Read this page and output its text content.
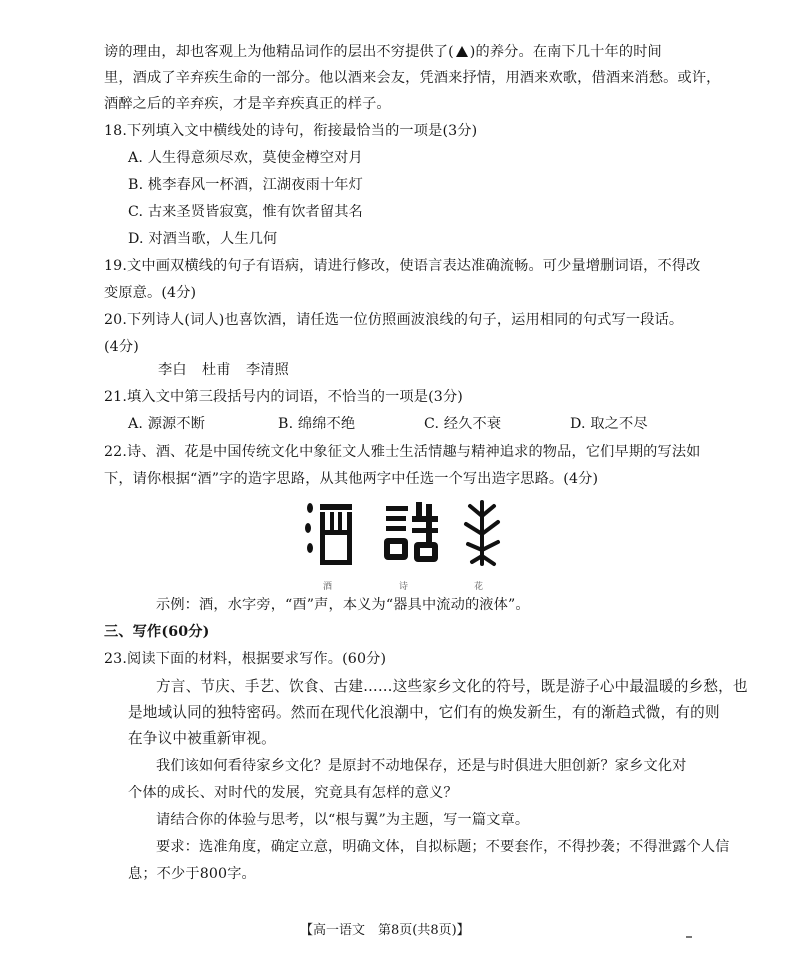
谤的理由，却也客观上为他精品词作的层出不穷提供了( )的养分。在南下几十年的时间
里，酒成了辛弃疾生命的一部分。他以酒来会友，凭酒来抒情，用酒来欢歌，借酒来消愁。或许，
酒醉之后的辛弃疾，才是辛弃疾真正的样子。
18.下列填入文中横线处的诗句，衔接最恰当的一项是(3分)
A. 人生得意须尽欢，莫使金樽空对月
B. 桃李春风一杯酒，江湖夜雨十年灯
C. 古来圣贤皆寂寞，惟有饮者留其名
D. 对酒当歌，人生几何
19.文中画双横线的句子有语病，请进行修改，使语言表达准确流畅。可少量增删词语，不得改
变原意。(4分)
20.下列诗人(词人)也喜饮酒，请任选一位仿照画波浪线的句子，运用相同的句式写一段话。
(4分)
李白 杜甫 李清照
21.填入文中第三段括号内的词语，不恰当的一项是(3分)
A. 源源不断	B. 绵绵不绝	C. 经久不衰	D. 取之不尽
22.诗、酒、花是中国传统文化中象征文人雅士生活情趣与精神追求的物品，它们早期的写法如
下，请你根据“酒”字的造字思路，从其他两字中任选一个写出造字思路。(4分)
酒	诗	花
示例：酒，水字旁，“酉”声，本义为“器具中流动的液体”。
三、写作(60分)
23.阅读下面的材料，根据要求写作。(60分)
方言、节庆、手艺、饮食、古建……这些家乡文化的符号，既是游子心中最温暖的乡愁，也
是地域认同的独特密码。然而在现代化浪潮中，它们有的焕发新生，有的渐趋式微，有的则
在争议中被重新审视。
我们该如何看待家乡文化？是原封不动地保存，还是与时俱进大胆创新？家乡文化对
个体的成长、对时代的发展，究竟具有怎样的意义？
请结合你的体验与思考，以“根与翼”为主题，写一篇文章。
要求：选准角度，确定立意，明确文体，自拟标题；不要套作，不得抄袭；不得泄露个人信
息；不少于800字。
【高一语文　第8页(共8页)】
